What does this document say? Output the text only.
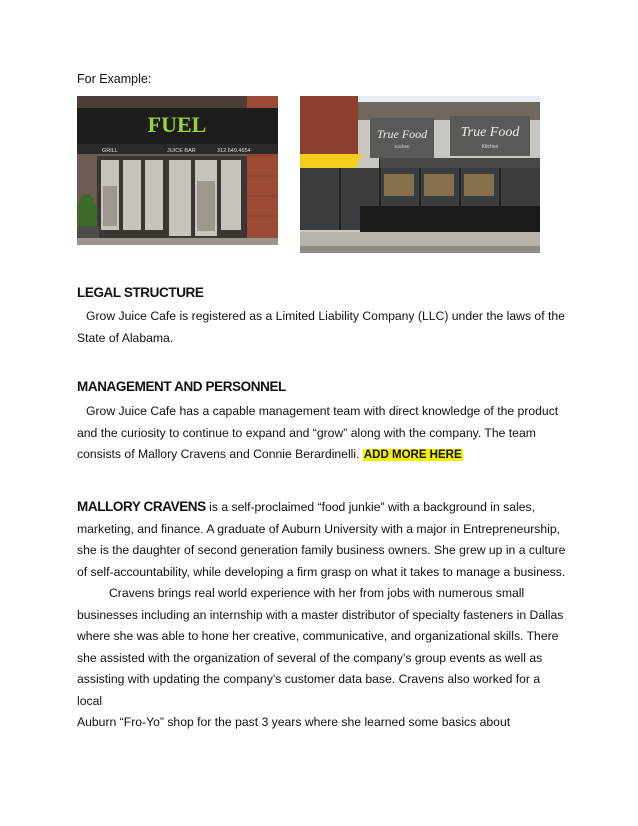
For Example:
FUEL
GRILL	JUICE BAR	312.649.4654
True Food True Food
Kitchen	Kitchen
LEGAL STRUCTURE
Grow Juice Cafe is registered as a Limited Liability Company (LLC) under the laws of the
State of Alabama.
MANAGEMENT AND PERSONNEL
Grow Juice Cafe has a capable management team with direct knowledge of the product
and the curiosity to continue to expand and “grow” along with the company. The team
consists of Mallory Cravens and Connie Berardinelli. ADD MORE HERE
MALLORY CRAVENS is a self-proclaimed “food junkie” with a background in sales,
marketing, and finance. A graduate of Auburn University with a major in Entrepreneurship,
she is the daughter of second generation family business owners. She grew up in a culture
of self-accountability, while developing a firm grasp on what it takes to manage a business.
Cravens brings real world experience with her from jobs with numerous small
businesses including an internship with a master distributor of specialty fasteners in Dallas
where she was able to hone her creative, communicative, and organizational skills. There
she assisted with the organization of several of the company’s group events as well as
assisting with updating the company’s customer data base. Cravens also worked for a local
Auburn “Fro-Yo” shop for the past 3 years where she learned some basics about
